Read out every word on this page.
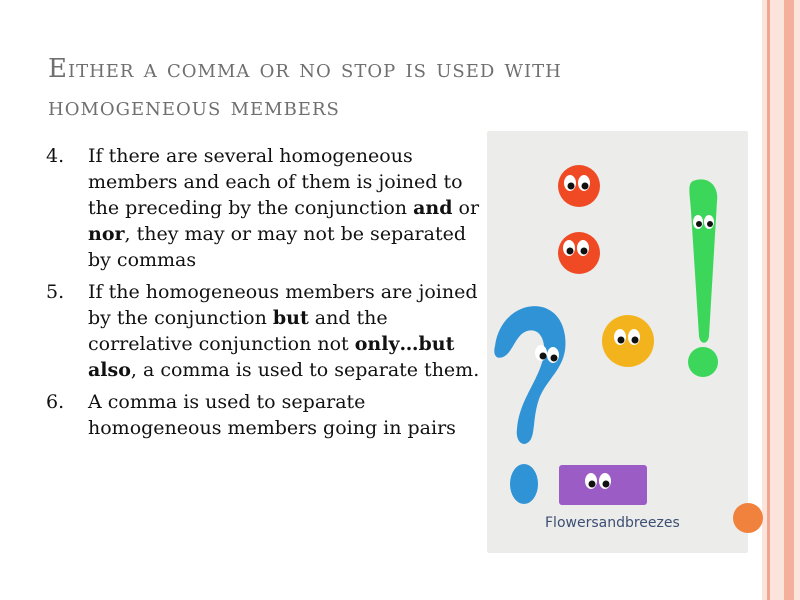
Either a comma or no stop is used with
homogeneous members
4. If there are several homogeneous members and each of them is joined to the preceding by the conjunction and or nor, they may or may not be separated by commas
5. If the homogeneous members are joined by the conjunction but and the correlative conjunction not only…but also, a comma is used to separate them.
6. A comma is used to separate homogeneous members going in pairs
Flowersandbreezes
